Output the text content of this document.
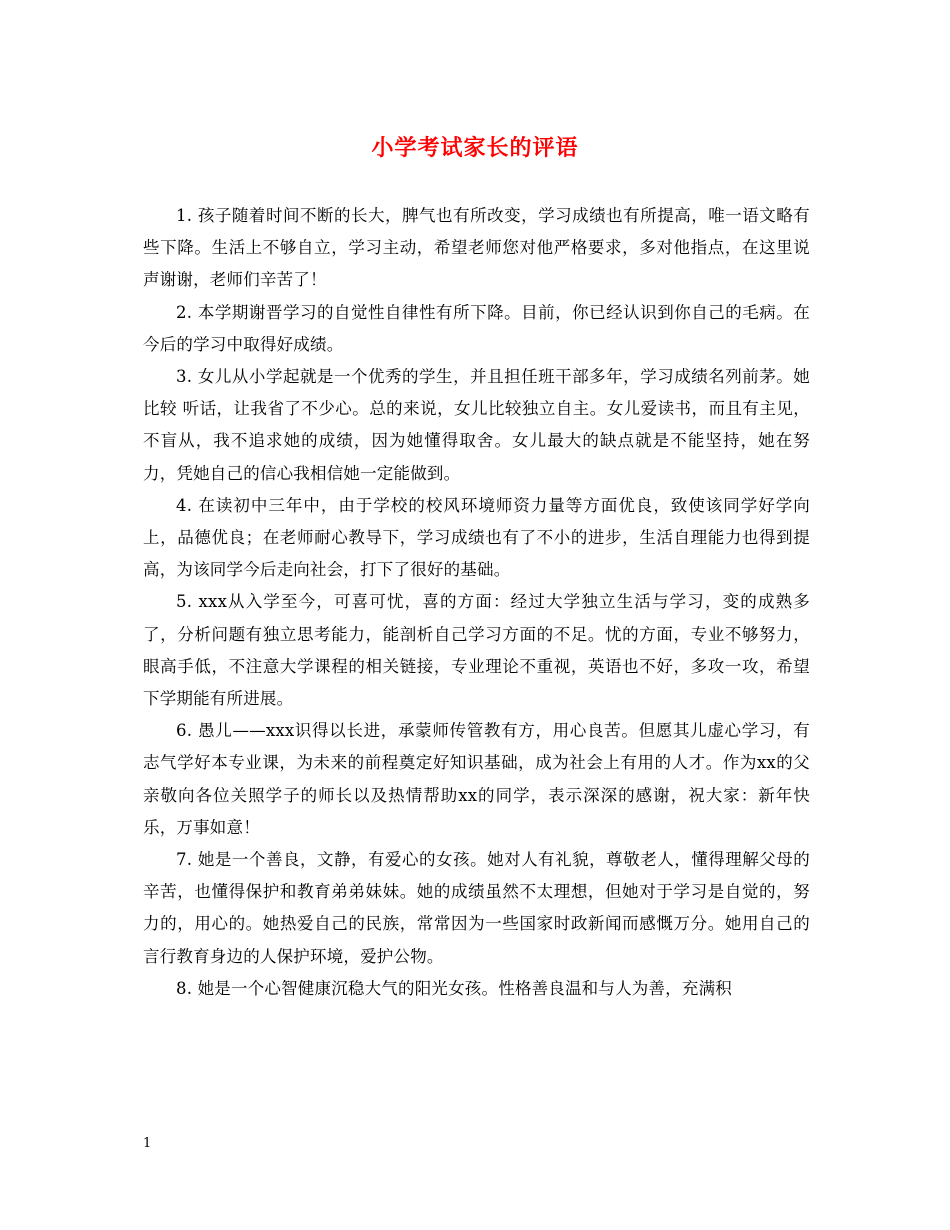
小学考试家长的评语

1. 孩子随着时间不断的长大，脾气也有所改变，学习成绩也有所提高，唯一语文略有些下降。生活上不够自立，学习主动，希望老师您对他严格要求，多对他指点，在这里说声谢谢，老师们辛苦了！

2. 本学期谢晋学习的自觉性自律性有所下降。目前，你已经认识到你自己的毛病。在今后的学习中取得好成绩。

3. 女儿从小学起就是一个优秀的学生，并且担任班干部多年，学习成绩名列前茅。她比较 听话，让我省了不少心。总的来说，女儿比较独立自主。女儿爱读书，而且有主见，不盲从，我不追求她的成绩，因为她懂得取舍。女儿最大的缺点就是不能坚持，她在努力，凭她自己的信心我相信她一定能做到。

4. 在读初中三年中，由于学校的校风环境师资力量等方面优良，致使该同学好学向上，品德优良；在老师耐心教导下，学习成绩也有了不小的进步，生活自理能力也得到提高，为该同学今后走向社会，打下了很好的基础。

5. xxx从入学至今，可喜可忧，喜的方面：经过大学独立生活与学习，变的成熟多了，分析问题有独立思考能力，能剖析自己学习方面的不足。忧的方面，专业不够努力，眼高手低，不注意大学课程的相关链接，专业理论不重视，英语也不好，多攻一攻，希望下学期能有所进展。

6. 愚儿——xxx识得以长进，承蒙师传管教有方，用心良苦。但愿其儿虚心学习，有志气学好本专业课，为未来的前程奠定好知识基础，成为社会上有用的人才。作为xx的父亲敬向各位关照学子的师长以及热情帮助xx的同学，表示深深的感谢，祝大家：新年快乐，万事如意！

7. 她是一个善良，文静，有爱心的女孩。她对人有礼貌，尊敬老人，懂得理解父母的辛苦，也懂得保护和教育弟弟妹妹。她的成绩虽然不太理想，但她对于学习是自觉的，努力的，用心的。她热爱自己的民族，常常因为一些国家时政新闻而感慨万分。她用自己的言行教育身边的人保护环境，爱护公物。

8. 她是一个心智健康沉稳大气的阳光女孩。性格善良温和与人为善，充满积

1
